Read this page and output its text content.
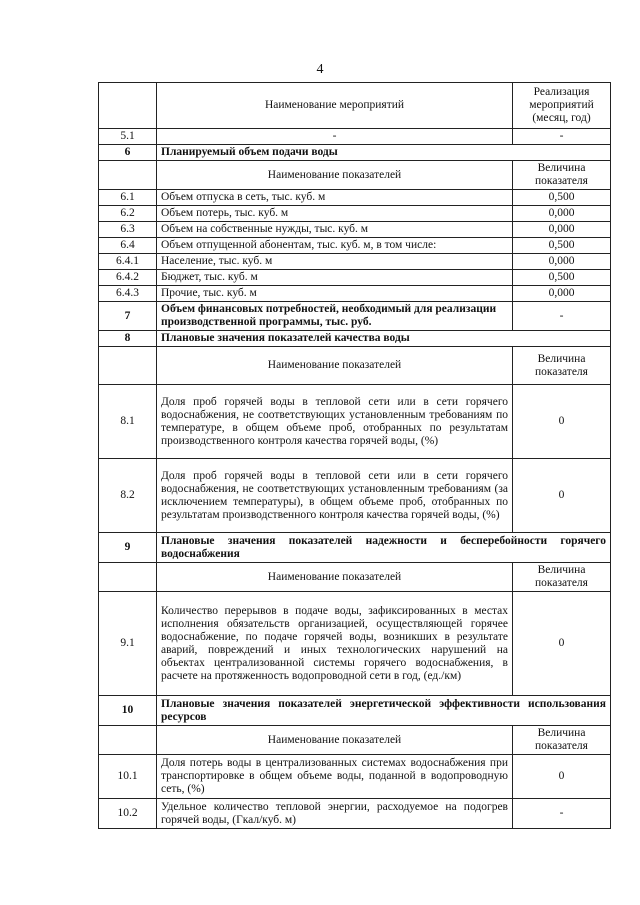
4
	Наименование мероприятий	Реализация мероприятий (месяц, год)
5.1	-	-
6	Планируемый объем подачи воды	
	Наименование показателей	Величина показателя
6.1	Объем отпуска в сеть, тыс. куб. м	0,500
6.2	Объем потерь, тыс. куб. м	0,000
6.3	Объем на собственные нужды, тыс. куб. м	0,000
6.4	Объем отпущенной абонентам, тыс. куб. м, в том числе:	0,500
6.4.1	Население, тыс. куб. м	0,000
6.4.2	Бюджет, тыс. куб. м	0,500
6.4.3	Прочие, тыс. куб. м	0,000
7	Объем финансовых потребностей, необходимый для реализации производственной программы, тыс. руб.	-
8	Плановые значения показателей качества воды	
	Наименование показателей	Величина показателя
8.1	Доля проб горячей воды в тепловой сети или в сети горячего водоснабжения, не соответствующих установленным требованиям по температуре, в общем объеме проб, отобранных по результатам производственного контроля качества горячей воды, (%)	0
8.2	Доля проб горячей воды в тепловой сети или в сети горячего водоснабжения, не соответствующих установленным требованиям (за исключением температуры), в общем объеме проб, отобранных по результатам производственного контроля качества горячей воды, (%)	0
9	Плановые значения показателей надежности и бесперебойности горячего водоснабжения	
	Наименование показателей	Величина показателя
9.1	Количество перерывов в подаче воды, зафиксированных в местах исполнения обязательств организацией, осуществляющей горячее водоснабжение, по подаче горячей воды, возникших в результате аварий, повреждений и иных технологических нарушений на объектах централизованной системы горячего водоснабжения, в расчете на протяженность водопроводной сети в год, (ед./км)	0
10	Плановые значения показателей энергетической эффективности использования ресурсов	
	Наименование показателей	Величина показателя
10.1	Доля потерь воды в централизованных системах водоснабжения при транспортировке в общем объеме воды, поданной в водопроводную сеть, (%)	0
10.2	Удельное количество тепловой энергии, расходуемое на подогрев горячей воды, (Гкал/куб. м)	-
